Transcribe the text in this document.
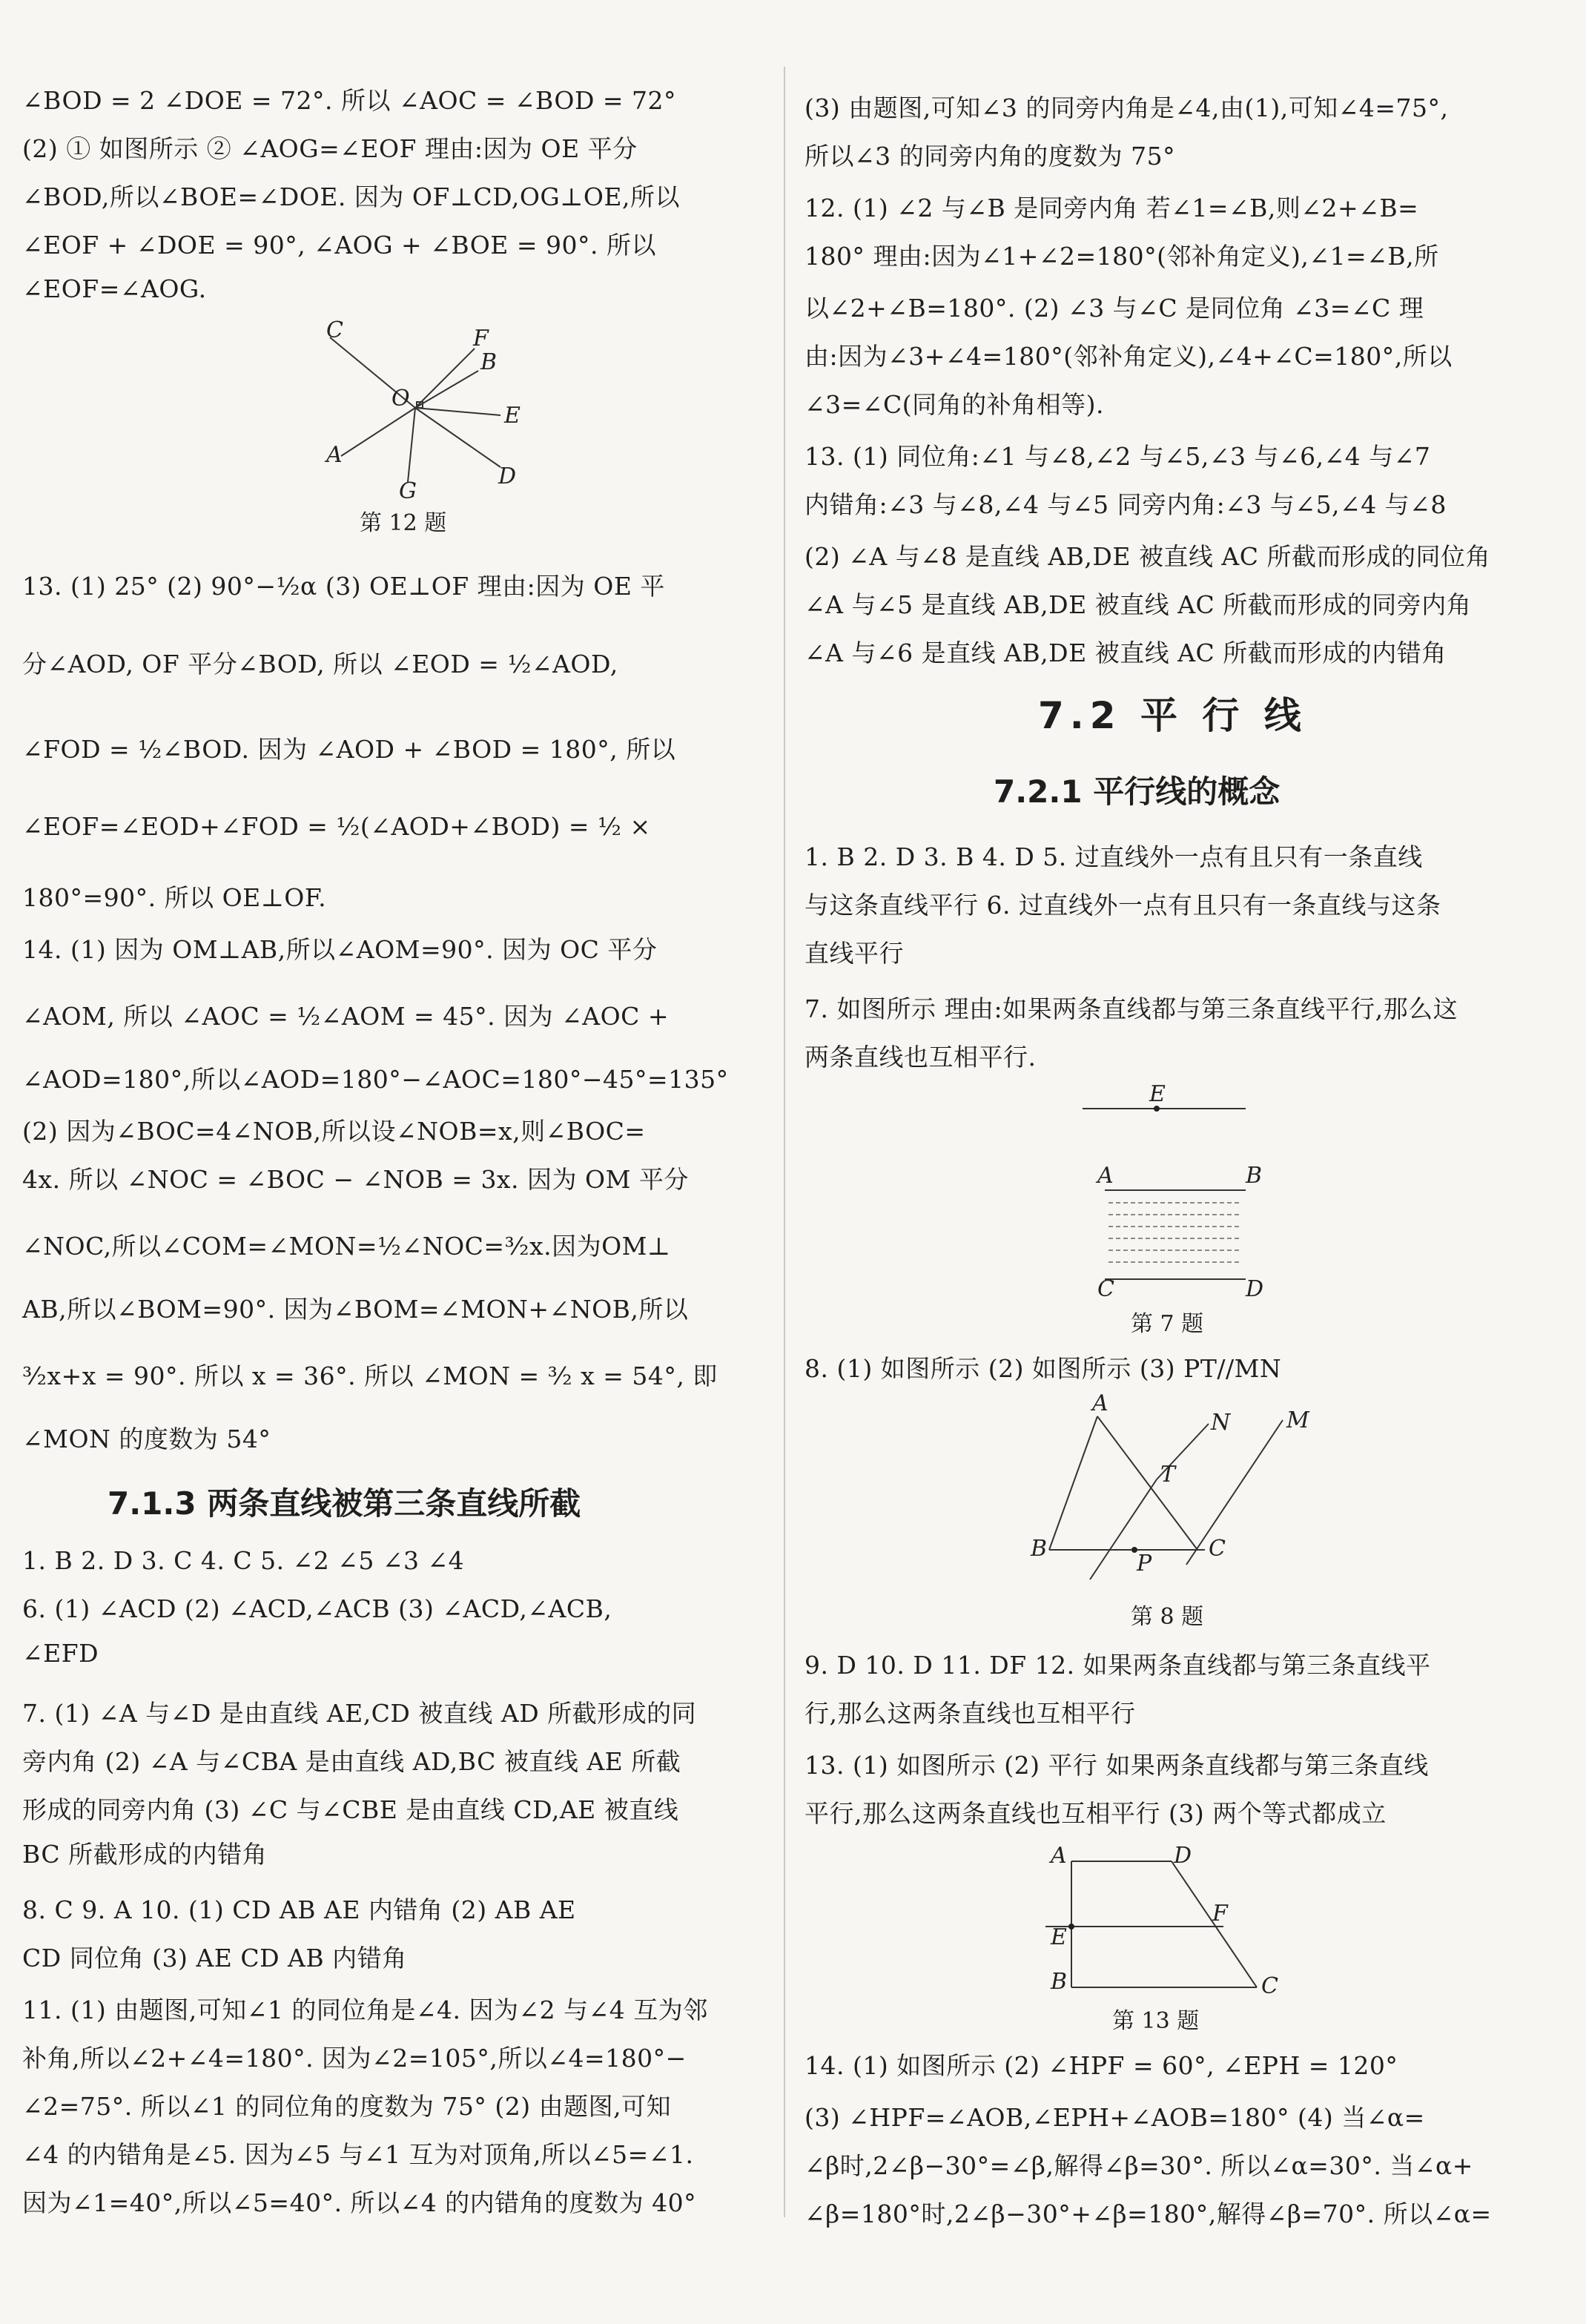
∠BOD = 2 ∠DOE = 72°. 所以 ∠AOC = ∠BOD = 72°
(2) ① 如图所示 ② ∠AOG=∠EOF 理由:因为 OE 平分
∠BOD,所以∠BOE=∠DOE. 因为 OF⊥CD,OG⊥OE,所以
∠EOF + ∠DOE = 90°, ∠AOG + ∠BOE = 90°. 所以
∠EOF=∠AOG.
C	F
B
O
E
A
G
D
第 12 题
13. (1) 25° (2) 90°−½α (3) OE⊥OF 理由:因为 OE 平
分∠AOD, OF 平分∠BOD, 所以 ∠EOD = ½∠AOD,
∠FOD = ½∠BOD. 因为 ∠AOD + ∠BOD = 180°, 所以
∠EOF=∠EOD+∠FOD = ½(∠AOD+∠BOD) = ½ ×
180°=90°. 所以 OE⊥OF.
14. (1) 因为 OM⊥AB,所以∠AOM=90°. 因为 OC 平分
∠AOM, 所以 ∠AOC = ½∠AOM = 45°. 因为 ∠AOC +
∠AOD=180°,所以∠AOD=180°−∠AOC=180°−45°=135°
(2) 因为∠BOC=4∠NOB,所以设∠NOB=x,则∠BOC=
4x. 所以 ∠NOC = ∠BOC − ∠NOB = 3x. 因为 OM 平分
∠NOC,所以∠COM=∠MON=½∠NOC=³⁄₂x.因为OM⊥
AB,所以∠BOM=90°. 因为∠BOM=∠MON+∠NOB,所以
³⁄₂x+x = 90°. 所以 x = 36°. 所以 ∠MON = ³⁄₂ x = 54°, 即
∠MON 的度数为 54°
7.1.3 两条直线被第三条直线所截
1. B 2. D 3. C 4. C 5. ∠2 ∠5 ∠3 ∠4
6. (1) ∠ACD (2) ∠ACD,∠ACB (3) ∠ACD,∠ACB,
∠EFD
7. (1) ∠A 与∠D 是由直线 AE,CD 被直线 AD 所截形成的同
旁内角 (2) ∠A 与∠CBA 是由直线 AD,BC 被直线 AE 所截
形成的同旁内角 (3) ∠C 与∠CBE 是由直线 CD,AE 被直线
BC 所截形成的内错角
8. C 9. A 10. (1) CD AB AE 内错角 (2) AB AE
CD 同位角 (3) AE CD AB 内错角
11. (1) 由题图,可知∠1 的同位角是∠4. 因为∠2 与∠4 互为邻
补角,所以∠2+∠4=180°. 因为∠2=105°,所以∠4=180°−
∠2=75°. 所以∠1 的同位角的度数为 75° (2) 由题图,可知
∠4 的内错角是∠5. 因为∠5 与∠1 互为对顶角,所以∠5=∠1.
因为∠1=40°,所以∠5=40°. 所以∠4 的内错角的度数为 40°
(3) 由题图,可知∠3 的同旁内角是∠4,由(1),可知∠4=75°,
所以∠3 的同旁内角的度数为 75°
12. (1) ∠2 与∠B 是同旁内角 若∠1=∠B,则∠2+∠B=
180° 理由:因为∠1+∠2=180°(邻补角定义),∠1=∠B,所
以∠2+∠B=180°. (2) ∠3 与∠C 是同位角 ∠3=∠C 理
由:因为∠3+∠4=180°(邻补角定义),∠4+∠C=180°,所以
∠3=∠C(同角的补角相等).
13. (1) 同位角:∠1 与∠8,∠2 与∠5,∠3 与∠6,∠4 与∠7
内错角:∠3 与∠8,∠4 与∠5 同旁内角:∠3 与∠5,∠4 与∠8
(2) ∠A 与∠8 是直线 AB,DE 被直线 AC 所截而形成的同位角
∠A 与∠5 是直线 AB,DE 被直线 AC 所截而形成的同旁内角
∠A 与∠6 是直线 AB,DE 被直线 AC 所截而形成的内错角
7.2 平 行 线
7.2.1 平行线的概念
1. B 2. D 3. B 4. D 5. 过直线外一点有且只有一条直线
与这条直线平行 6. 过直线外一点有且只有一条直线与这条
直线平行
7. 如图所示 理由:如果两条直线都与第三条直线平行,那么这
两条直线也互相平行.
E
A	B
C	D
第 7 题
8. (1) 如图所示 (2) 如图所示 (3) PT//MN
A
T
N	M
B
P
C
第 8 题
9. D 10. D 11. DF 12. 如果两条直线都与第三条直线平
行,那么这两条直线也互相平行
13. (1) 如图所示 (2) 平行 如果两条直线都与第三条直线
平行,那么这两条直线也互相平行 (3) 两个等式都成立
A	D
F
E
B	C
第 13 题
14. (1) 如图所示 (2) ∠HPF = 60°, ∠EPH = 120°
(3) ∠HPF=∠AOB,∠EPH+∠AOB=180° (4) 当∠α=
∠β时,2∠β−30°=∠β,解得∠β=30°. 所以∠α=30°. 当∠α+
∠β=180°时,2∠β−30°+∠β=180°,解得∠β=70°. 所以∠α=
